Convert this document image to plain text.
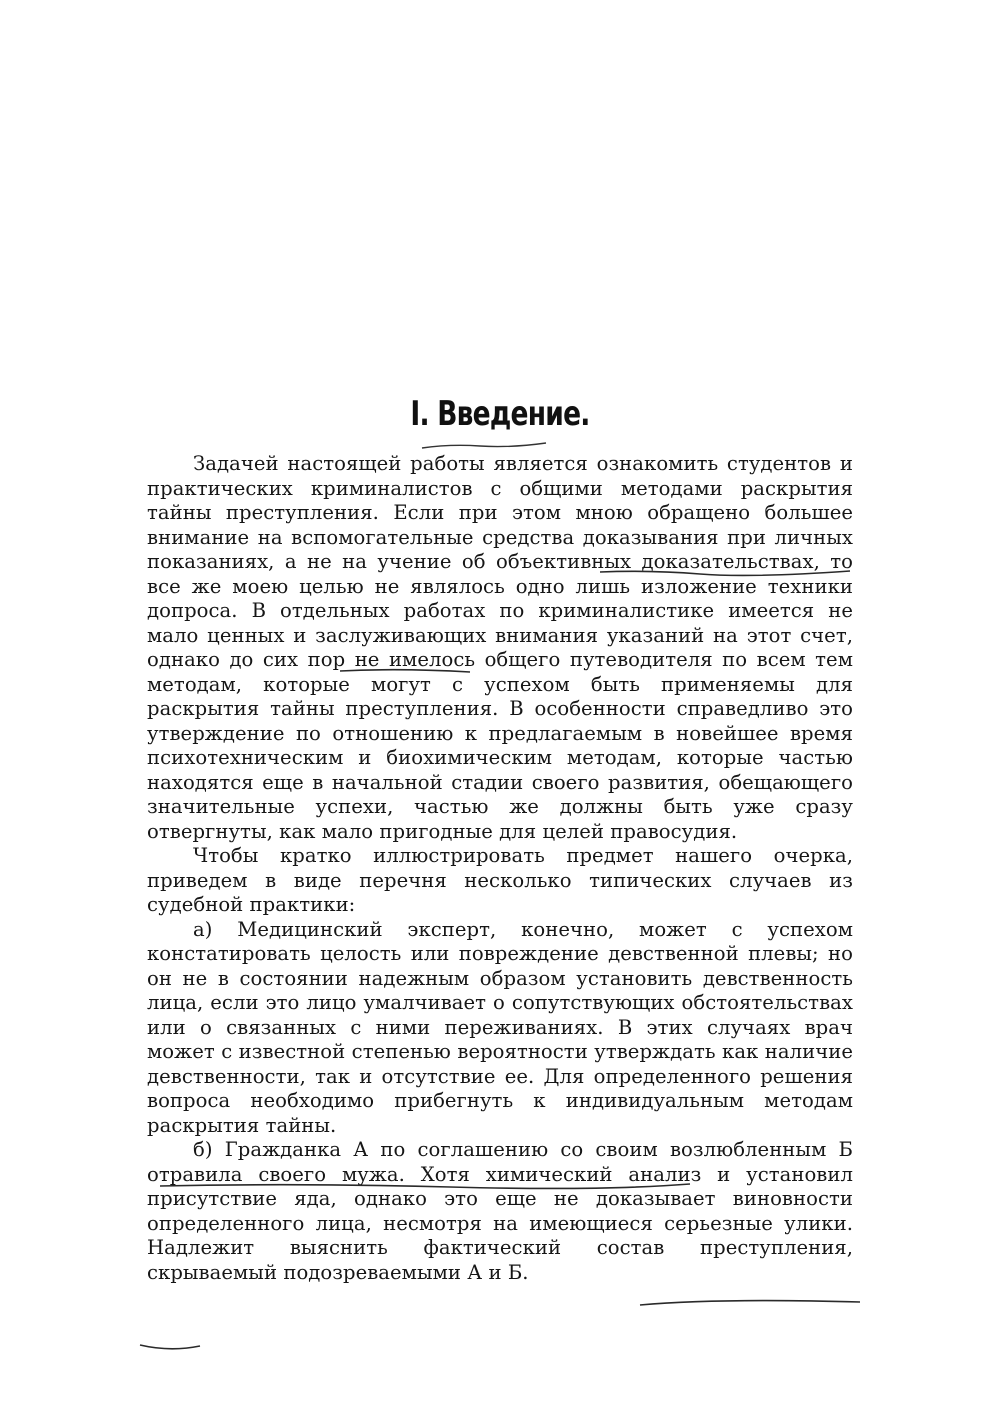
I. Введение.

Задачей настоящей работы является ознакомить студентов и практических криминалистов с общими методами раскрытия тайны преступления. Если при этом мною обращено большее внимание на вспомогательные средства доказывания при личных показаниях, а не на учение об объективных доказательствах, то все же моею целью не являлось одно лишь изложение техники допроса. В отдельных работах по криминалистике имеется не мало ценных и заслуживающих внимания указаний на этот счет, однако до сих пор не имелось общего путеводителя по всем тем методам, которые могут с успехом быть применяемы для раскрытия тайны преступления. В особенности справедливо это утверждение по отношению к предлагаемым в новейшее время психотехническим и биохимическим методам, которые частью находятся еще в начальной стадии своего развития, обещающего значительные успехи, частью же должны быть уже сразу отвергнуты, как мало пригодные для целей правосудия.

Чтобы кратко иллюстрировать предмет нашего очерка, приведем в виде перечня несколько типических случаев из судебной практики:

а) Медицинский эксперт, конечно, может с успехом констатировать целость или повреждение девственной плевы; но он не в состоянии надежным образом установить девственность лица, если это лицо умалчивает о сопутствующих обстоятельствах или о связанных с ними переживаниях. В этих случаях врач может с известной степенью вероятности утверждать как наличие девственности, так и отсутствие ее. Для определенного решения вопроса необходимо прибегнуть к индивидуальным методам раскрытия тайны.

б) Гражданка А по соглашению со своим возлюбленным Б отравила своего мужа. Хотя химический анализ и установил присутствие яда, однако это еще не доказывает виновности определенного лица, несмотря на имеющиеся серьезные улики. Надлежит выяснить фактический состав преступления, скрываемый подозреваемыми А и Б.
